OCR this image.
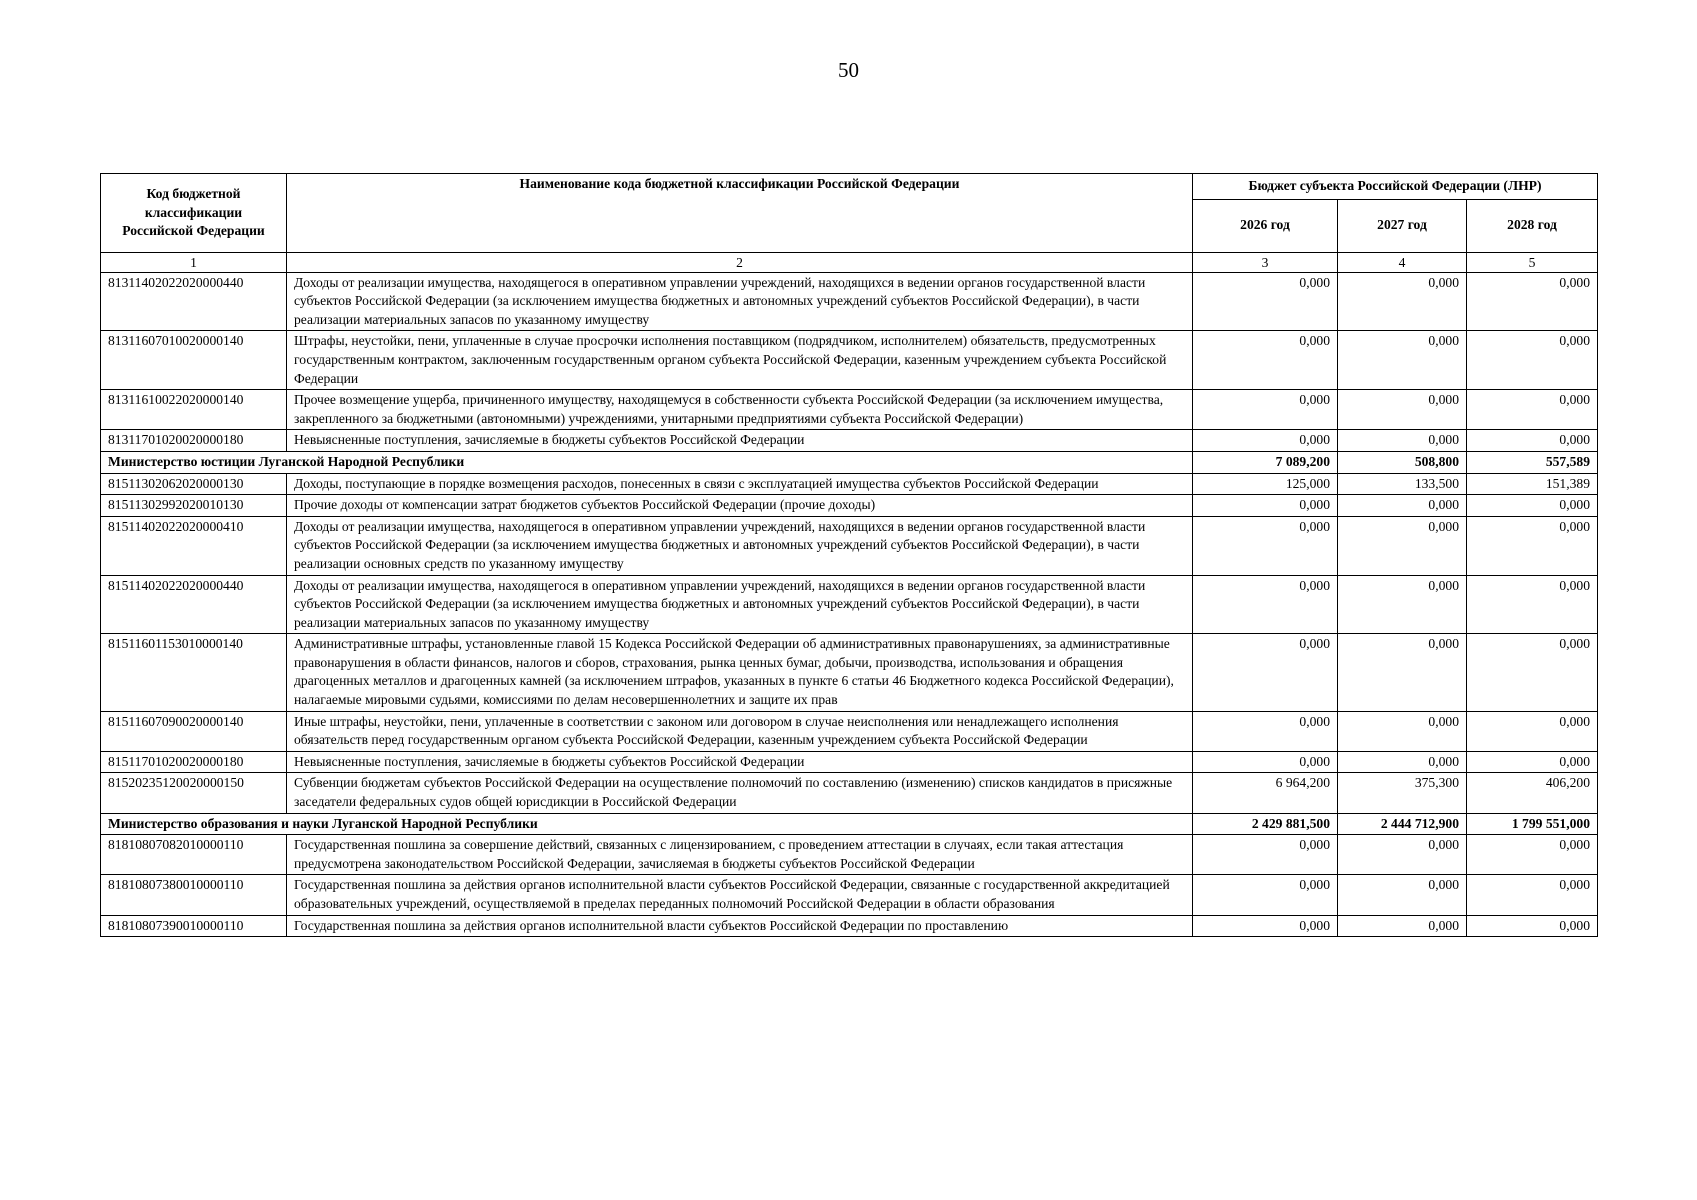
50
Код бюджетной классификации Российской Федерации	Наименование кода бюджетной классификации Российской Федерации	Бюджет субъекта Российской Федерации (ЛНР)		
		2026 год	2027 год	2028 год
1	2	3	4	5
81311402022020000440	Доходы от реализации имущества, находящегося в оперативном управлении учреждений, находящихся в ведении органов государственной власти субъектов Российской Федерации (за исключением имущества бюджетных и автономных учреждений субъектов Российской Федерации), в части реализации материальных запасов по указанному имуществу	0,000	0,000	0,000
81311607010020000140	Штрафы, неустойки, пени, уплаченные в случае просрочки исполнения поставщиком (подрядчиком, исполнителем) обязательств, предусмотренных государственным контрактом, заключенным государственным органом субъекта Российской Федерации, казенным учреждением субъекта Российской Федерации	0,000	0,000	0,000
81311610022020000140	Прочее возмещение ущерба, причиненного имуществу, находящемуся в собственности субъекта Российской Федерации (за исключением имущества, закрепленного за бюджетными (автономными) учреждениями, унитарными предприятиями субъекта Российской Федерации)	0,000	0,000	0,000
81311701020020000180	Невыясненные поступления, зачисляемые в бюджеты субъектов Российской Федерации	0,000	0,000	0,000
Министерство юстиции Луганской Народной Республики		7 089,200	508,800	557,589
81511302062020000130	Доходы, поступающие в порядке возмещения расходов, понесенных в связи с эксплуатацией имущества субъектов Российской Федерации	125,000	133,500	151,389
81511302992020010130	Прочие доходы от компенсации затрат бюджетов субъектов Российской Федерации (прочие доходы)	0,000	0,000	0,000
81511402022020000410	Доходы от реализации имущества, находящегося в оперативном управлении учреждений, находящихся в ведении органов государственной власти субъектов Российской Федерации (за исключением имущества бюджетных и автономных учреждений субъектов Российской Федерации), в части реализации основных средств по указанному имуществу	0,000	0,000	0,000
81511402022020000440	Доходы от реализации имущества, находящегося в оперативном управлении учреждений, находящихся в ведении органов государственной власти субъектов Российской Федерации (за исключением имущества бюджетных и автономных учреждений субъектов Российской Федерации), в части реализации материальных запасов по указанному имуществу	0,000	0,000	0,000
81511601153010000140	Административные штрафы, установленные главой 15 Кодекса Российской Федерации об административных правонарушениях, за административные правонарушения в области финансов, налогов и сборов, страхования, рынка ценных бумаг, добычи, производства, использования и обращения драгоценных металлов и драгоценных камней (за исключением штрафов, указанных в пункте 6 статьи 46 Бюджетного кодекса Российской Федерации), налагаемые мировыми судьями, комиссиями по делам несовершеннолетних и защите их прав	0,000	0,000	0,000
81511607090020000140	Иные штрафы, неустойки, пени, уплаченные в соответствии с законом или договором в случае неисполнения или ненадлежащего исполнения обязательств перед государственным органом субъекта Российской Федерации, казенным учреждением субъекта Российской Федерации	0,000	0,000	0,000
81511701020020000180	Невыясненные поступления, зачисляемые в бюджеты субъектов Российской Федерации	0,000	0,000	0,000
81520235120020000150	Субвенции бюджетам субъектов Российской Федерации на осуществление полномочий по составлению (изменению) списков кандидатов в присяжные заседатели федеральных судов общей юрисдикции в Российской Федерации	6 964,200	375,300	406,200
Министерство образования и науки Луганской Народной Республики		2 429 881,500	2 444 712,900	1 799 551,000
81810807082010000110	Государственная пошлина за совершение действий, связанных с лицензированием, с проведением аттестации в случаях, если такая аттестация предусмотрена законодательством Российской Федерации, зачисляемая в бюджеты субъектов Российской Федерации	0,000	0,000	0,000
81810807380010000110	Государственная пошлина за действия органов исполнительной власти субъектов Российской Федерации, связанные с государственной аккредитацией образовательных учреждений, осуществляемой в пределах переданных полномочий Российской Федерации в области образования	0,000	0,000	0,000
81810807390010000110	Государственная пошлина за действия органов исполнительной власти субъектов Российской Федерации по проставлению	0,000	0,000	0,000
